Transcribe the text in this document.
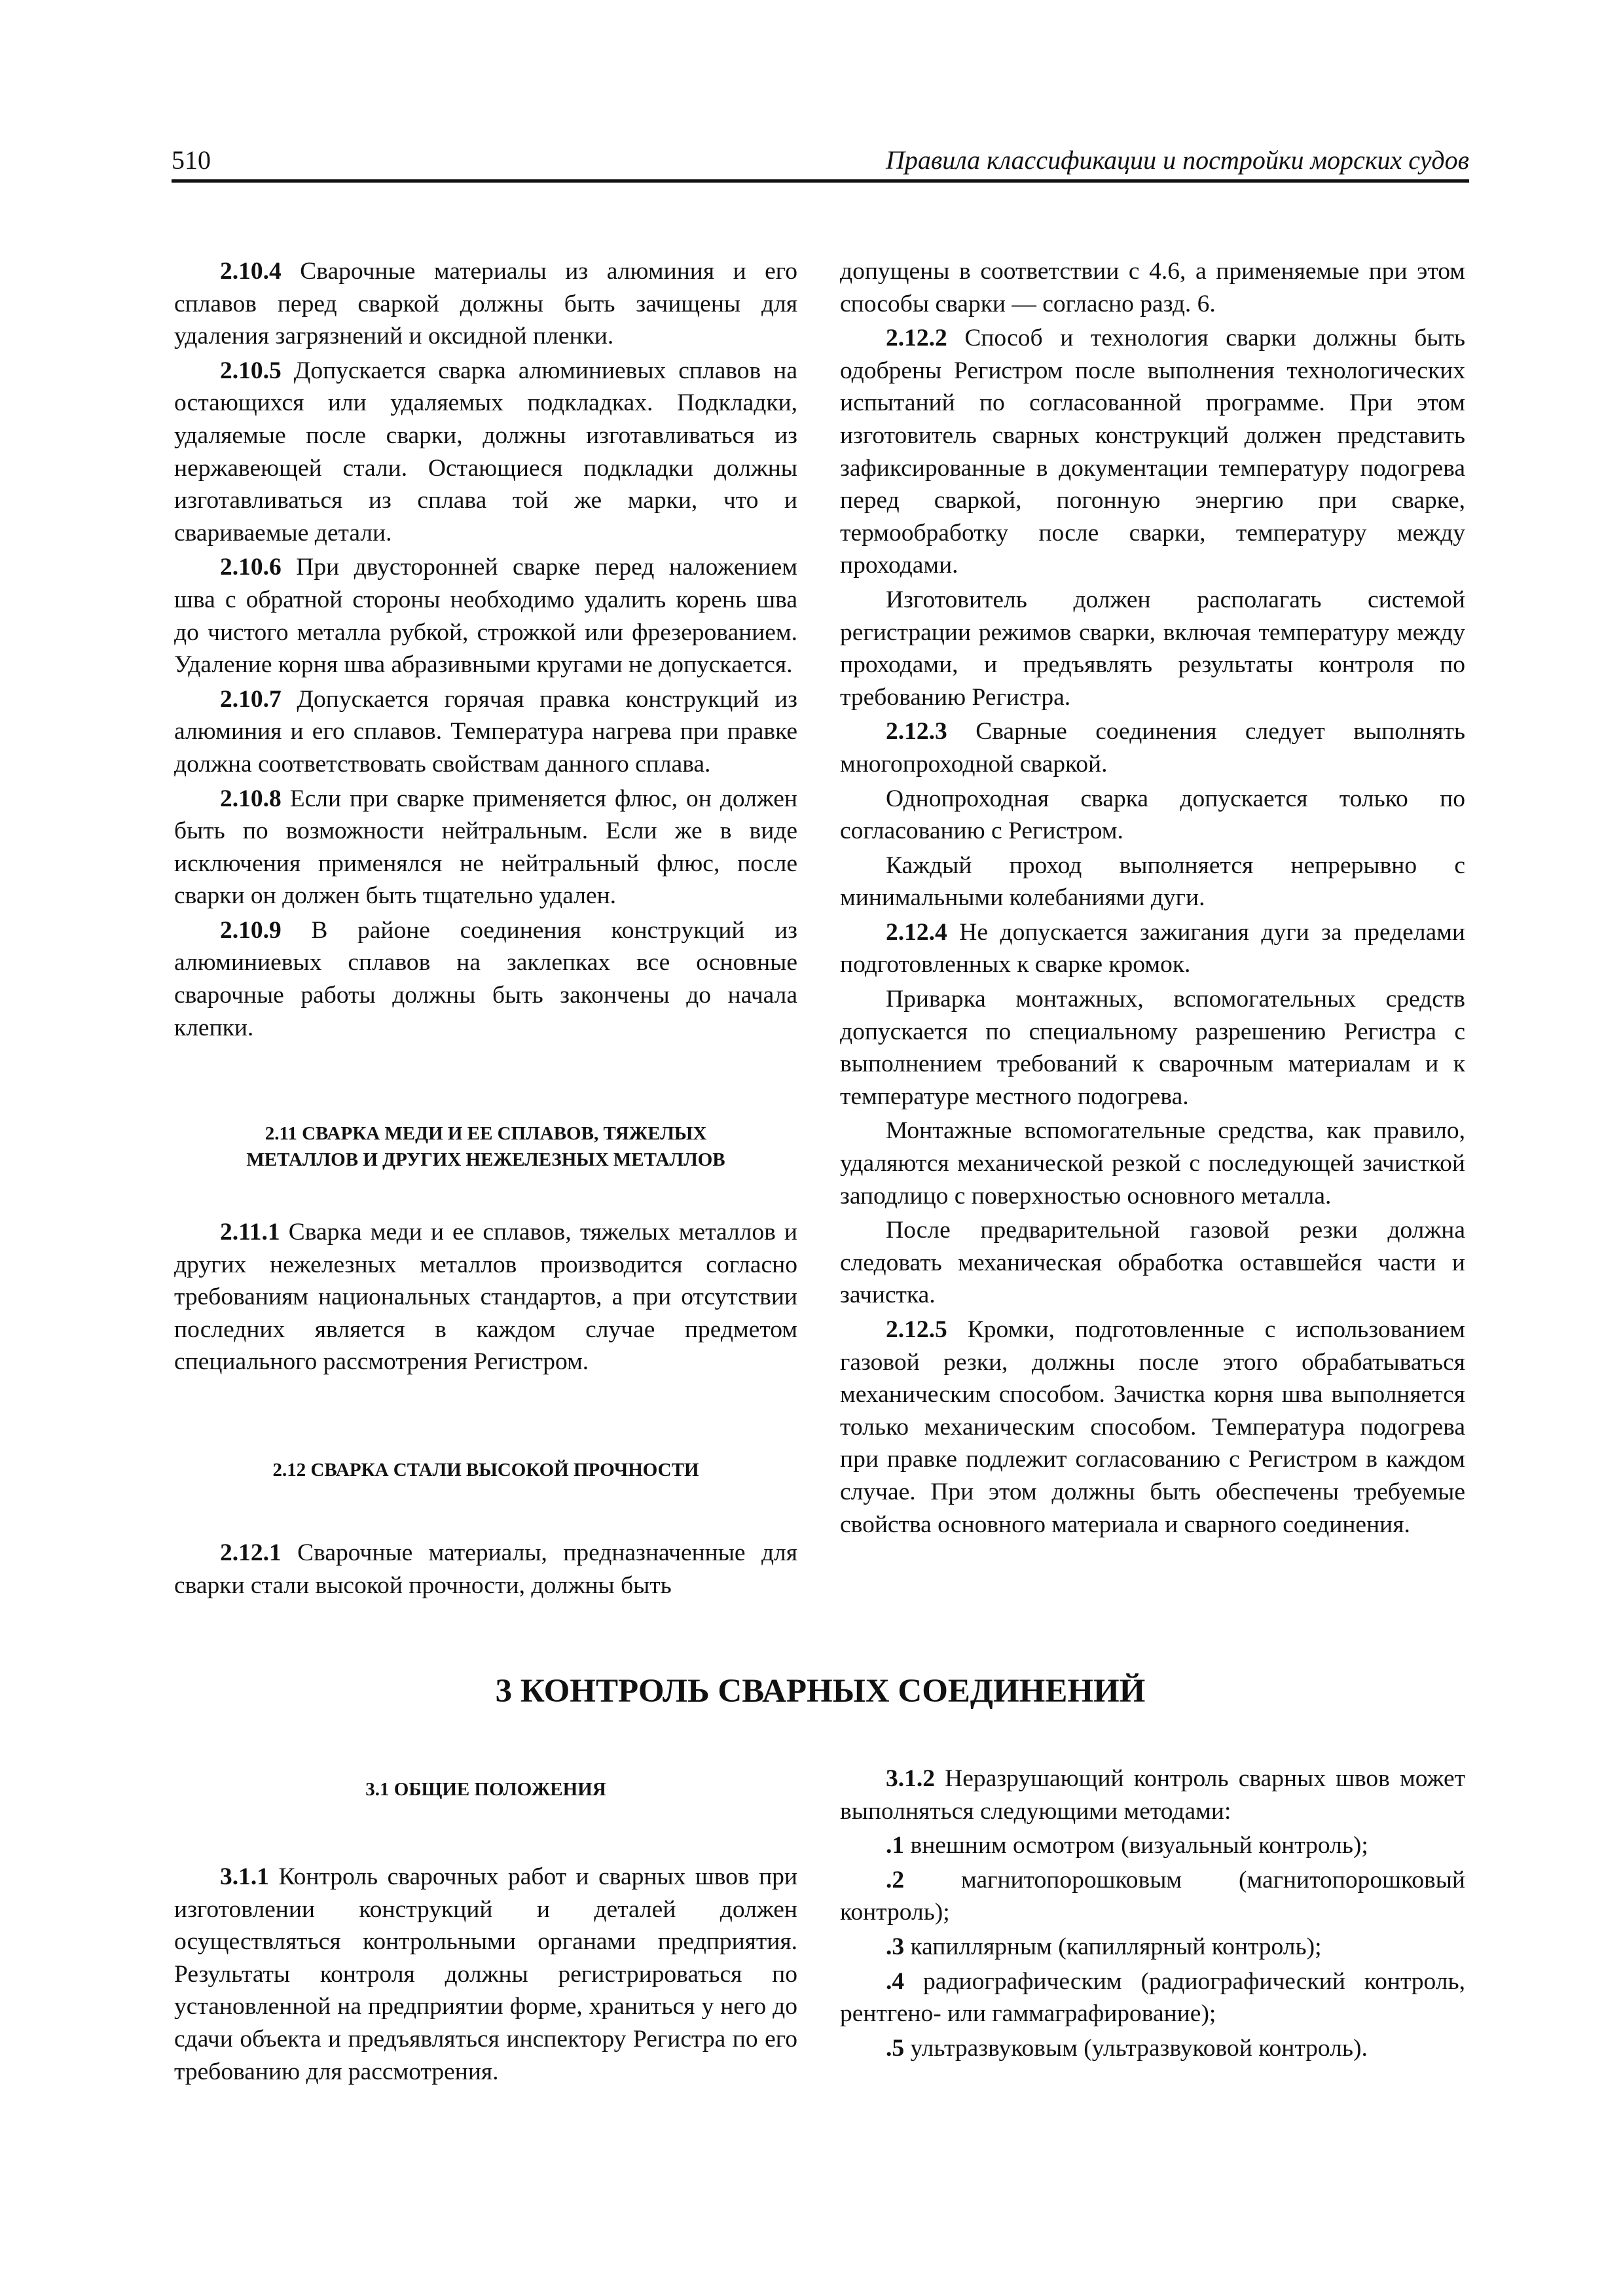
510	Правила классификации и постройки морских судов

2.10.4 Сварочные материалы из алюминия и его сплавов перед сваркой должны быть зачищены для удаления загрязнений и оксидной пленки.

2.10.5 Допускается сварка алюминиевых сплавов на остающихся или удаляемых подкладках. Подкладки, удаляемые после сварки, должны изготавливаться из нержавеющей стали. Остающиеся подкладки должны изготавливаться из сплава той же марки, что и свариваемые детали.

2.10.6 При двусторонней сварке перед наложением шва с обратной стороны необходимо удалить корень шва до чистого металла рубкой, строжкой или фрезерованием. Удаление корня шва абразивными кругами не допускается.

2.10.7 Допускается горячая правка конструкций из алюминия и его сплавов. Температура нагрева при правке должна соответствовать свойствам данного сплава.

2.10.8 Если при сварке применяется флюс, он должен быть по возможности нейтральным. Если же в виде исключения применялся не нейтральный флюс, после сварки он должен быть тщательно удален.

2.10.9 В районе соединения конструкций из алюминиевых сплавов на заклепках все основные сварочные работы должны быть закончены до начала клепки.

2.11 СВАРКА МЕДИ И ЕЕ СПЛАВОВ, ТЯЖЕЛЫХ
МЕТАЛЛОВ И ДРУГИХ НЕЖЕЛЕЗНЫХ МЕТАЛЛОВ

2.11.1 Сварка меди и ее сплавов, тяжелых металлов и других нежелезных металлов производится согласно требованиям национальных стандартов, а при отсутствии последних является в каждом случае предметом специального рассмотрения Регистром.

2.12 СВАРКА СТАЛИ ВЫСОКОЙ ПРОЧНОСТИ

2.12.1 Сварочные материалы, предназначенные для сварки стали высокой прочности, должны быть

допущены в соответствии с 4.6, а применяемые при этом способы сварки — согласно разд. 6.

2.12.2 Способ и технология сварки должны быть одобрены Регистром после выполнения технологических испытаний по согласованной программе. При этом изготовитель сварных конструкций должен представить зафиксированные в документации температуру подогрева перед сваркой, погонную энергию при сварке, термообработку после сварки, температуру между проходами.

Изготовитель должен располагать системой регистрации режимов сварки, включая температуру между проходами, и предъявлять результаты контроля по требованию Регистра.

2.12.3 Сварные соединения следует выполнять многопроходной сваркой.

Однопроходная сварка допускается только по согласованию с Регистром.

Каждый проход выполняется непрерывно с минимальными колебаниями дуги.

2.12.4 Не допускается зажигания дуги за пределами подготовленных к сварке кромок.

Приварка монтажных, вспомогательных средств допускается по специальному разрешению Регистра с выполнением требований к сварочным материалам и к температуре местного подогрева.

Монтажные вспомогательные средства, как правило, удаляются механической резкой с последующей зачисткой заподлицо с поверхностью основного металла.

После предварительной газовой резки должна следовать механическая обработка оставшейся части и зачистка.

2.12.5 Кромки, подготовленные с использованием газовой резки, должны после этого обрабатываться механическим способом. Зачистка корня шва выполняется только механическим способом. Температура подогрева при правке подлежит согласованию с Регистром в каждом случае. При этом должны быть обеспечены требуемые свойства основного материала и сварного соединения.

3 КОНТРОЛЬ СВАРНЫХ СОЕДИНЕНИЙ
3.1 ОБЩИЕ ПОЛОЖЕНИЯ

3.1.1 Контроль сварочных работ и сварных швов при изготовлении конструкций и деталей должен осуществляться контрольными органами предприятия. Результаты контроля должны регистрироваться по установленной на предприятии форме, храниться у него до сдачи объекта и предъявляться инспектору Регистра по его требованию для рассмотрения.

3.1.2 Неразрушающий контроль сварных швов может выполняться следующими методами:

.1 внешним осмотром (визуальный контроль);

.2 магнитопорошковым (магнитопорошковый контроль);

.3 капиллярным (капиллярный контроль);

.4 радиографическим (радиографический контроль, рентгено- или гаммаграфирование);

.5 ультразвуковым (ультразвуковой контроль).
